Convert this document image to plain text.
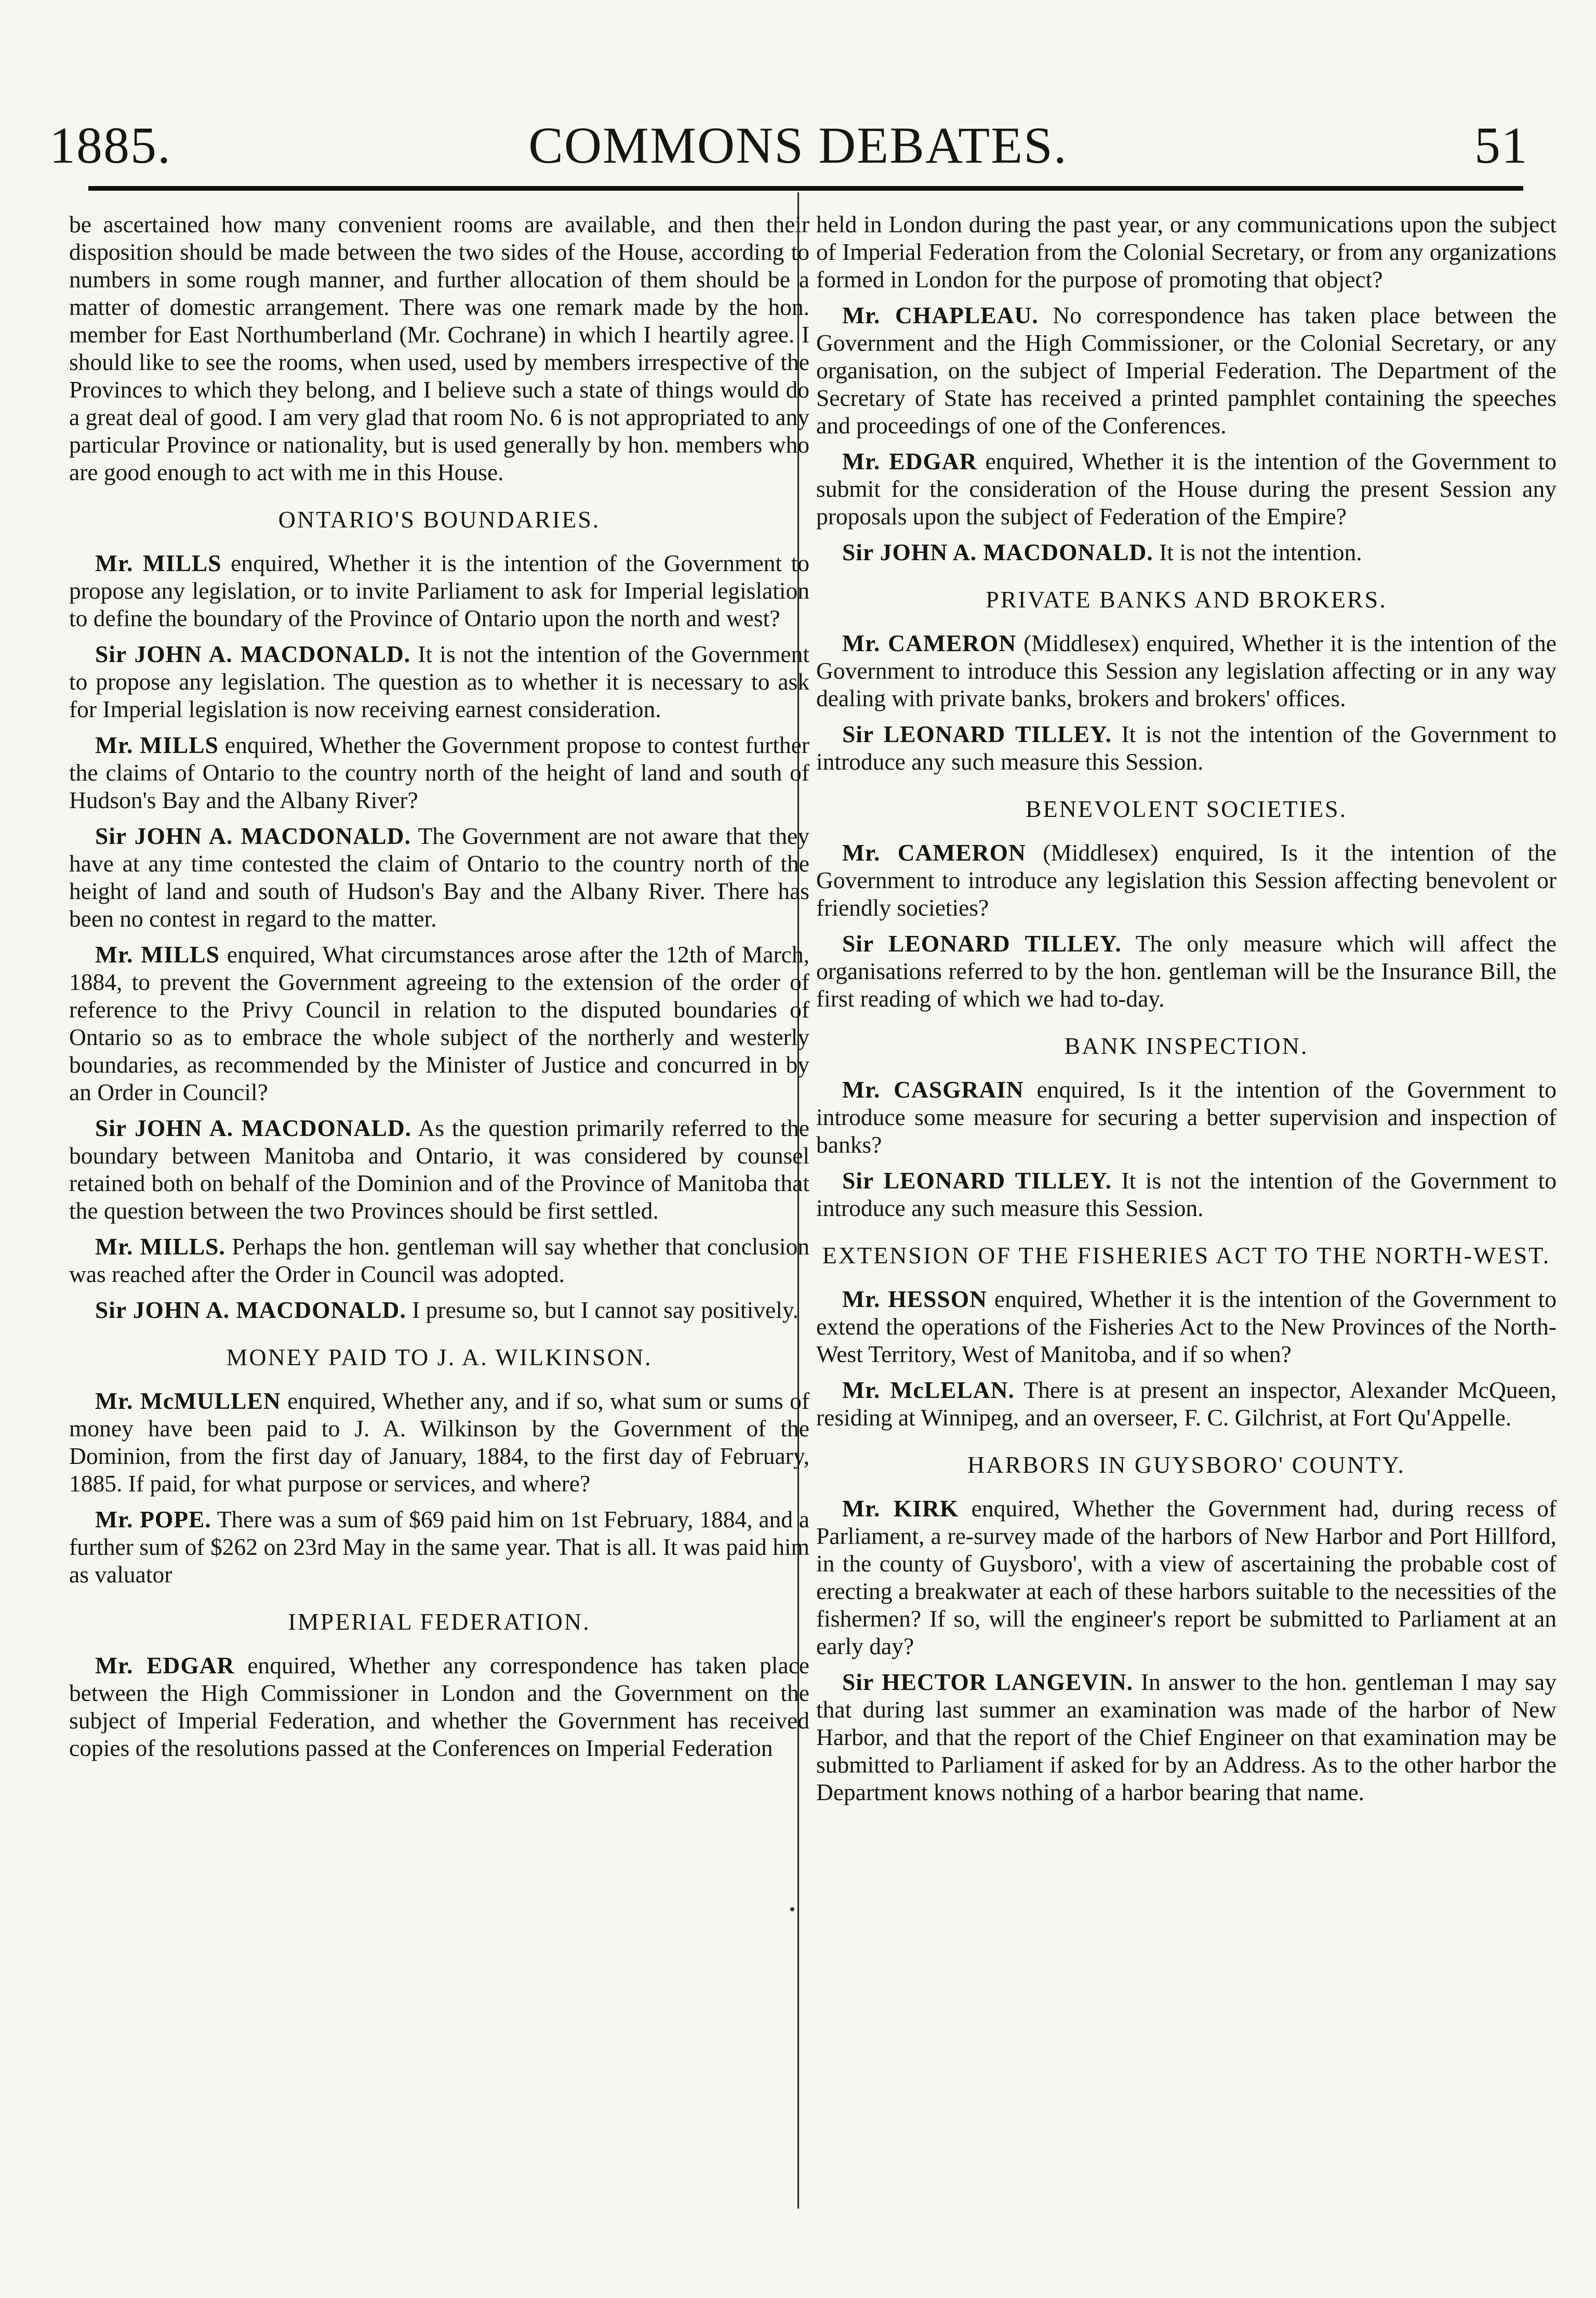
1885.	COMMONS DEBATES.	51

be ascertained how many convenient rooms are available, and then their disposition should be made between the two sides of the House, according to numbers in some rough manner, and further allocation of them should be a matter of domestic arrangement. There was one remark made by the hon. member for East Northumberland (Mr. Cochrane) in which I heartily agree. I should like to see the rooms, when used, used by members irrespective of the Provinces to which they belong, and I believe such a state of things would do a great deal of good. I am very glad that room No. 6 is not appropriated to any particular Province or nationality, but is used generally by hon. members who are good enough to act with me in this House.

ONTARIO'S BOUNDARIES.

Mr. MILLS enquired, Whether it is the intention of the Government to propose any legislation, or to invite Parliament to ask for Imperial legislation to define the boundary of the Province of Ontario upon the north and west?

Sir JOHN A. MACDONALD. It is not the intention of the Government to propose any legislation. The question as to whether it is necessary to ask for Imperial legislation is now receiving earnest consideration.

Mr. MILLS enquired, Whether the Government propose to contest further the claims of Ontario to the country north of the height of land and south of Hudson's Bay and the Albany River?

Sir JOHN A. MACDONALD. The Government are not aware that they have at any time contested the claim of Ontario to the country north of the height of land and south of Hudson's Bay and the Albany River. There has been no contest in regard to the matter.

Mr. MILLS enquired, What circumstances arose after the 12th of March, 1884, to prevent the Government agreeing to the extension of the order of reference to the Privy Council in relation to the disputed boundaries of Ontario so as to embrace the whole subject of the northerly and westerly boundaries, as recommended by the Minister of Justice and concurred in by an Order in Council?

Sir JOHN A. MACDONALD. As the question primarily referred to the boundary between Manitoba and Ontario, it was considered by counsel retained both on behalf of the Dominion and of the Province of Manitoba that the question between the two Provinces should be first settled.

Mr. MILLS. Perhaps the hon. gentleman will say whether that conclusion was reached after the Order in Council was adopted.

Sir JOHN A. MACDONALD. I presume so, but I cannot say positively.

MONEY PAID TO J. A. WILKINSON.

Mr. McMULLEN enquired, Whether any, and if so, what sum or sums of money have been paid to J. A. Wilkinson by the Government of the Dominion, from the first day of January, 1884, to the first day of February, 1885. If paid, for what purpose or services, and where?

Mr. POPE. There was a sum of $69 paid him on 1st February, 1884, and a further sum of $262 on 23rd May in the same year. That is all. It was paid him as valuator

IMPERIAL FEDERATION.

Mr. EDGAR enquired, Whether any correspondence has taken place between the High Commissioner in London and the Government on the subject of Imperial Federation, and whether the Government has received copies of the resolutions passed at the Conferences on Imperial Federation

held in London during the past year, or any communications upon the subject of Imperial Federation from the Colonial Secretary, or from any organizations formed in London for the purpose of promoting that object?

Mr. CHAPLEAU. No correspondence has taken place between the Government and the High Commissioner, or the Colonial Secretary, or any organisation, on the subject of Imperial Federation. The Department of the Secretary of State has received a printed pamphlet containing the speeches and proceedings of one of the Conferences.

Mr. EDGAR enquired, Whether it is the intention of the Government to submit for the consideration of the House during the present Session any proposals upon the subject of Federation of the Empire?

Sir JOHN A. MACDONALD. It is not the intention.

PRIVATE BANKS AND BROKERS.

Mr. CAMERON (Middlesex) enquired, Whether it is the intention of the Government to introduce this Session any legislation affecting or in any way dealing with private banks, brokers and brokers' offices.

Sir LEONARD TILLEY. It is not the intention of the Government to introduce any such measure this Session.

BENEVOLENT SOCIETIES.

Mr. CAMERON (Middlesex) enquired, Is it the intention of the Government to introduce any legislation this Session affecting benevolent or friendly societies?

Sir LEONARD TILLEY. The only measure which will affect the organisations referred to by the hon. gentleman will be the Insurance Bill, the first reading of which we had to-day.

BANK INSPECTION.

Mr. CASGRAIN enquired, Is it the intention of the Government to introduce some measure for securing a better supervision and inspection of banks?

Sir LEONARD TILLEY. It is not the intention of the Government to introduce any such measure this Session.

EXTENSION OF THE FISHERIES ACT TO THE NORTH-WEST.

Mr. HESSON enquired, Whether it is the intention of the Government to extend the operations of the Fisheries Act to the New Provinces of the North-West Territory, West of Manitoba, and if so when?

Mr. McLELAN. There is at present an inspector, Alexander McQueen, residing at Winnipeg, and an overseer, F. C. Gilchrist, at Fort Qu'Appelle.

HARBORS IN GUYSBORO' COUNTY.

Mr. KIRK enquired, Whether the Government had, during recess of Parliament, a re-survey made of the harbors of New Harbor and Port Hillford, in the county of Guysboro', with a view of ascertaining the probable cost of erecting a breakwater at each of these harbors suitable to the necessities of the fishermen? If so, will the engineer's report be submitted to Parliament at an early day?

Sir HECTOR LANGEVIN. In answer to the hon. gentleman I may say that during last summer an examination was made of the harbor of New Harbor, and that the report of the Chief Engineer on that examination may be submitted to Parliament if asked for by an Address. As to the other harbor the Department knows nothing of a harbor bearing that name.
